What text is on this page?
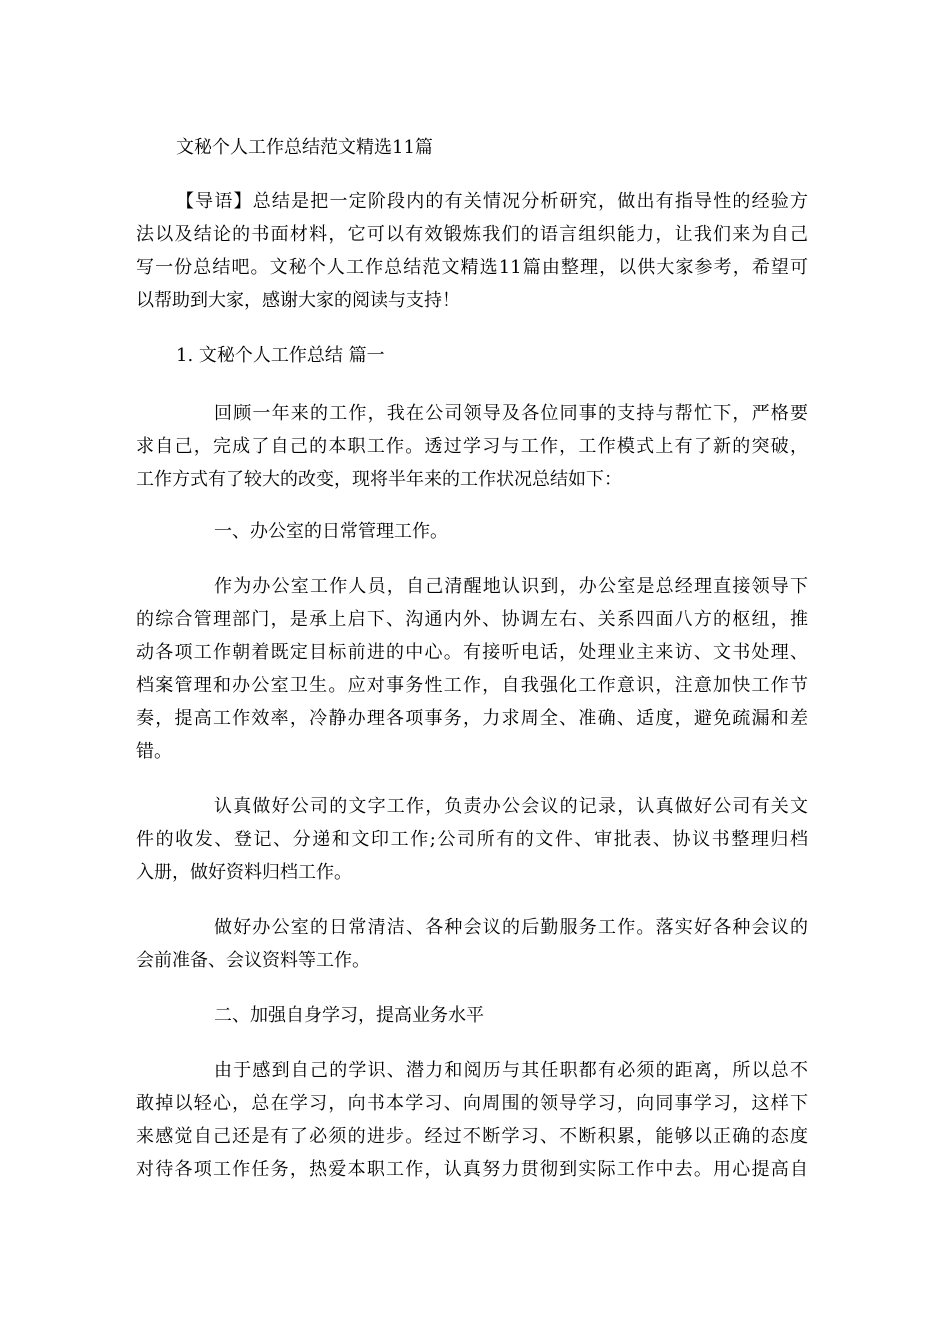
文秘个人工作总结范文精选11篇
【导语】总结是把一定阶段内的有关情况分析研究，做出有指导性的经验方
法以及结论的书面材料，它可以有效锻炼我们的语言组织能力，让我们来为自己
写一份总结吧。文秘个人工作总结范文精选11篇由整理，以供大家参考，希望可
以帮助到大家，感谢大家的阅读与支持！
1. 文秘个人工作总结 篇一
回顾一年来的工作，我在公司领导及各位同事的支持与帮忙下，严格要
求自己，完成了自己的本职工作。透过学习与工作，工作模式上有了新的突破，
工作方式有了较大的改变，现将半年来的工作状况总结如下：
一、办公室的日常管理工作。
作为办公室工作人员，自己清醒地认识到，办公室是总经理直接领导下
的综合管理部门，是承上启下、沟通内外、协调左右、关系四面八方的枢纽，推
动各项工作朝着既定目标前进的中心。有接听电话，处理业主来访、文书处理、
档案管理和办公室卫生。应对事务性工作，自我强化工作意识，注意加快工作节
奏，提高工作效率，冷静办理各项事务，力求周全、准确、适度，避免疏漏和差
错。
认真做好公司的文字工作，负责办公会议的记录，认真做好公司有关文
件的收发、登记、分递和文印工作;公司所有的文件、审批表、协议书整理归档
入册，做好资料归档工作。
做好办公室的日常清洁、各种会议的后勤服务工作。落实好各种会议的
会前准备、会议资料等工作。
二、加强自身学习，提高业务水平
由于感到自己的学识、潜力和阅历与其任职都有必须的距离，所以总不
敢掉以轻心，总在学习，向书本学习、向周围的领导学习，向同事学习，这样下
来感觉自己还是有了必须的进步。经过不断学习、不断积累，能够以正确的态度
对待各项工作任务，热爱本职工作，认真努力贯彻到实际工作中去。用心提高自
